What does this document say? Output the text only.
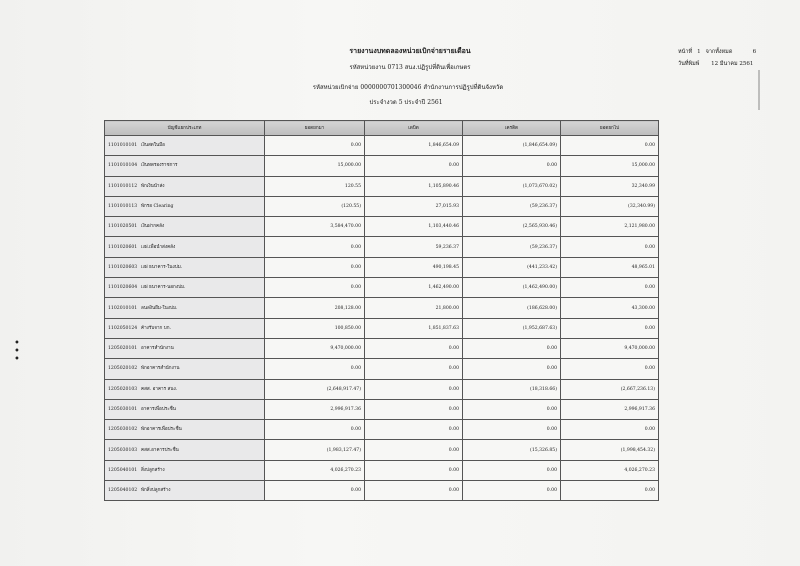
•
•
•
รายงานงบทดลองหน่วยเบิกจ่ายรายเดือน
รหัสหน่วยงาน 0713 สนง.ปฏิรูปที่ดินเพื่อเกษตร
รหัสหน่วยเบิกจ่าย 0000000701300046 สำนักงานการปฏิรูปที่ดินจังหวัด
ประจำงวด 5 ประจำปี 2561
หน้าที่ 1 จากทั้งหมด	6
วันที่พิมพ์ 12 มีนาคม 2561
บัญชีแยกประเภท	ยอดยกมา	เดบิต	เครดิต	ยอดยกไป
1101010101 เงินสดในมือ	0.00	1,846,654.09	(1,846,654.09)	0.00
1101010104 เงินทดรองราชการ	15,000.00	0.00	0.00	15,000.00
1101010112 พักเงินนำส่ง	120.55	1,105,890.46	(1,073,670.02)	32,340.99
1101010113 พักรอ Clearing	(120.55)	27,015.93	(59,236.37)	(32,340.99)
1101020501 เงินฝากคลัง	3,584,470.00	1,103,440.46	(2,565,930.46)	2,121,980.00
1101020601 เงฝ.เพื่อนำส่งคลัง	0.00	59,236.37	(59,236.37)	0.00
1101020603 เงฝ ธนาคาร-ในงปม.	0.00	490,198.45	(441,233.42)	48,965.01
1101020604 เงฝ ธนาคาร-นอกงปม.	0.00	1,462,490.00	(1,462,490.00)	0.00
1102010101 ลนลงินยืม-ในงปม.	208,128.00	21,800.00	(186,628.00)	43,300.00
1102050124 ค้างรับจาก บก.	100,850.00	1,851,837.63	(1,952,687.63)	0.00
1205020101 อาคารสำนักงาน	9,470,000.00	0.00	0.00	9,470,000.00
1205020102 พักอาคารสำนักงาน	0.00	0.00	0.00	0.00
1205020103 คสส. อาคาร สนง.	(2,648,917.47)	0.00	(18,318.66)	(2,667,236.13)
1205030101 อาคารเพื่อประชื่น	2,996,917.36	0.00	0.00	2,996,917.36
1205030102 พักอาคารเพื่อประชื่น	0.00	0.00	0.00	0.00
1205030103 คสส.อาคารประชื่น	(1,983,127.47)	0.00	(15,326.85)	(1,998,454.32)
1205040101 สิ่งปลูกสร้าง	4,026,270.23	0.00	0.00	4,026,270.23
1205040102 พักสิ่งปลูกสร้าง	0.00	0.00	0.00	0.00
